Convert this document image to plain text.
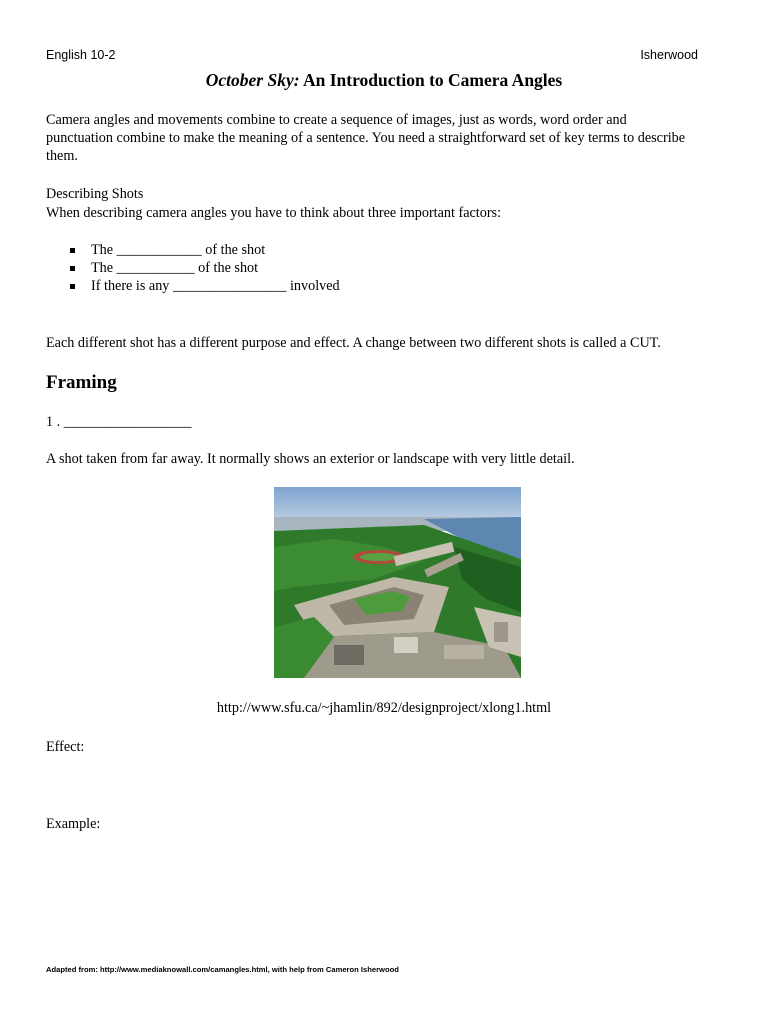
English 10-2	Isherwood
October Sky: An Introduction to Camera Angles
Camera angles and movements combine to create a sequence of images, just as words, word order and punctuation combine to make the meaning of a sentence. You need a straightforward set of key terms to describe them.
Describing Shots
When describing camera angles you have to think about three important factors:
The ____________ of the shot
The ___________ of the shot
If there is any ________________ involved
Each different shot has a different purpose and effect. A change between two different shots is called a CUT.
Framing
1 . __________________
A shot taken from far away. It normally shows an exterior or landscape with very little detail.
http://www.sfu.ca/~jhamlin/892/designproject/xlong1.html
Effect:
Example:
Adapted from: http://www.mediaknowall.com/camangles.html, with help from Cameron Isherwood
